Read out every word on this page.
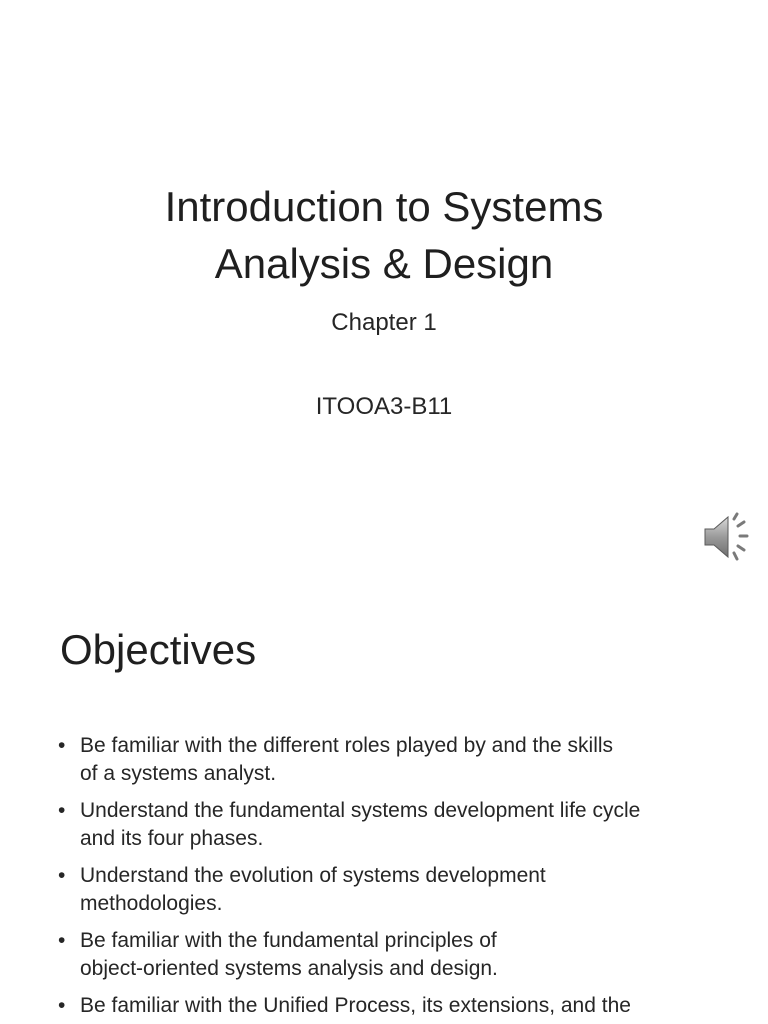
Introduction to Systems
Analysis & Design
Chapter 1
ITOOA3-B11
Objectives
• Be familiar with the different roles played by and the skills
of a systems analyst.
• Understand the fundamental systems development life cycle
and its four phases.
• Understand the evolution of systems development
methodologies.
• Be familiar with the fundamental principles of
object-oriented systems analysis and design.
• Be familiar with the Unified Process, its extensions, and the
